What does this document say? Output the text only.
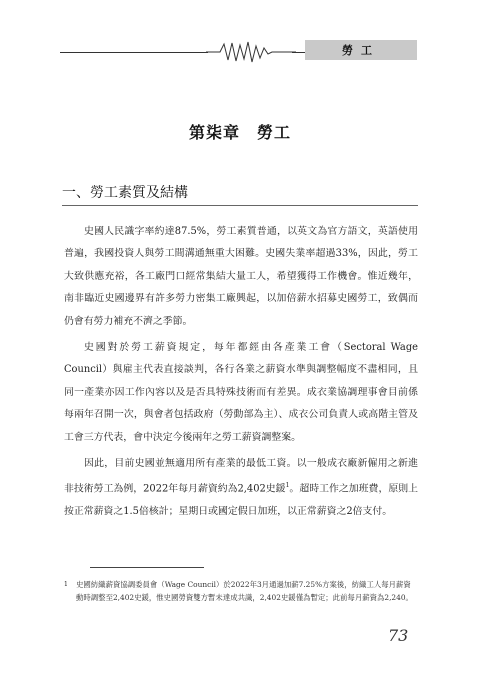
勞工
第柒章　勞工
一、勞工素質及結構

史國人民識字率約達87.5%，勞工素質普通，以英文為官方語文，英語使用普遍，我國投資人與勞工間溝通無重大困難。史國失業率超過33%，因此，勞工大致供應充裕，各工廠門口經常集結大量工人，希望獲得工作機會。惟近幾年，南非臨近史國邊界有許多勞力密集工廠興起，以加倍薪水招募史國勞工，致偶而仍會有勞力補充不濟之季節。

史國對於勞工薪資規定，每年都經由各產業工會（Sectoral Wage Council）與雇主代表直接談判，各行各業之薪資水準與調整幅度不盡相同，且同一產業亦因工作內容以及是否具特殊技術而有差異。成衣業協調理事會目前係每兩年召開一次，與會者包括政府（勞動部為主）、成衣公司負責人或高階主管及工會三方代表，會中決定今後兩年之勞工薪資調整案。

因此，目前史國並無適用所有產業的最低工資。以一般成衣廠新僱用之新進非技術勞工為例，2022年每月薪資約為2,402史鍰$^1$。超時工作之加班費，原則上按正常薪資之1.5倍核計；星期日或國定假日加班，以正常薪資之2倍支付。

1	史國紡織薪資協調委員會（Wage Council）於2022年3月通過加薪7.25%方案後，紡織工人每月薪資動時調整至2,402史鍰，惟史國勞資雙方暫未達成共識，2,402史鍰僅為暫定；此前每月薪資為2,240。
73
